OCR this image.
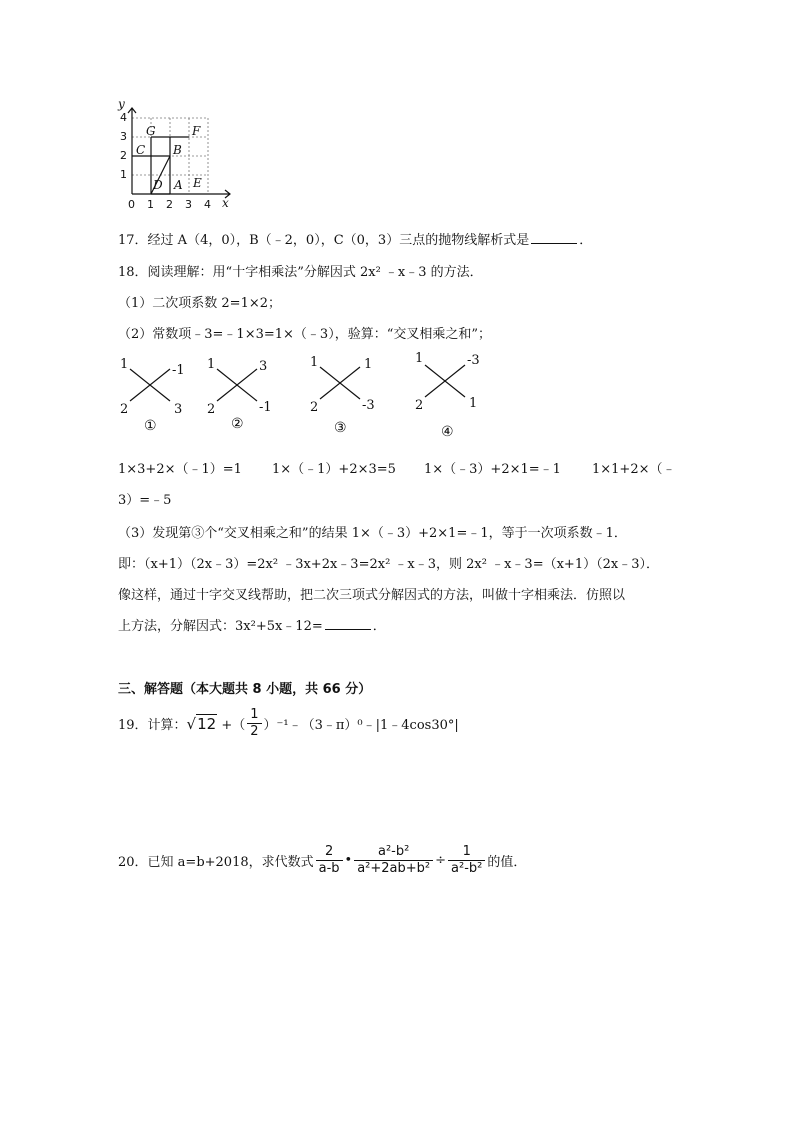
y
x
4
3
2
1
0 1 2 3 4
G	F
C B
D A E
17．经过 A（4，0），B（﹣2，0），C（0，3）三点的抛物线解析式是	．
18．阅读理解：用“十字相乘法”分解因式 2x² ﹣x﹣3 的方法．
（1）二次项系数 2=1×2；
（2）常数项﹣3=﹣1×3=1×（﹣3），验算：“交叉相乘之和”；
1	-1
2	3
①
1	3
2	-1
②
1	1
2	-3
③
1	-3
2	1
④
1×3+2×（﹣1）=1 1×（﹣1）+2×3=5 1×（﹣3）+2×1=﹣1 1×1+2×（﹣
3）=﹣5
（3）发现第③个“交叉相乘之和”的结果 1×（﹣3）+2×1=﹣1，等于一次项系数﹣1．
即：（x+1）（2x﹣3）=2x² ﹣3x+2x﹣3=2x² ﹣x﹣3，则 2x² ﹣x﹣3=（x+1）（2x﹣3）．
像这样，通过十字交叉线帮助，把二次三项式分解因式的方法，叫做十字相乘法．仿照以
上方法，分解因式：3x²+5x﹣12=	．
三、解答题（本大题共 8 小题，共 66 分）
19．计算：√12 +（ $\frac{1}{2}$ ）⁻¹﹣（3﹣π）⁰﹣|1﹣4cos30°|
20．已知 a=b+2018，求代数式 $\frac{2}{a-b}$ • $\frac{\text{a²-b²}}{\text{a²+2ab+b²}} \div \frac{1}{\text{a²-b²}}$ 的值．
